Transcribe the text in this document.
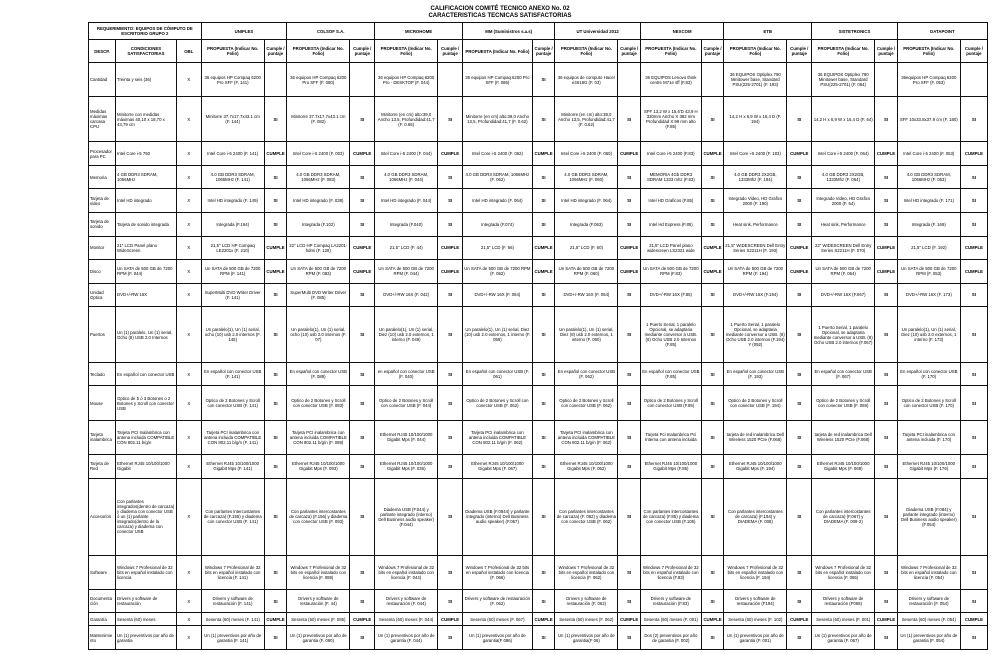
CALIFICACION COMITÉ TECNICO ANEXO No. 02
CARACTERISTICAS TECNICAS SATISFACTORIAS
REQUERIMIENTO: EQUIPOS DE CÓMPUTO DE ESCRITORIO GRUPO 2			UNIPLES		COLSOF S.A.		MICROHOME		MM (Suministros s.a.s)		UT Universidad 2012		NEXCOM		ETB		SISTETRONICS		DATAPOINT	
DESCP.	CONDICIONES SATISFACTORIAS	OBL	PROPUESTA (Indicar No. Folio)	Cumple / puntaje	PROPUESTA (Indicar No. Folio)	Cumple / puntaje	PROPUESTA (Indicar No. Folio)	Cumple / puntaje	PROPUESTA (Indicar No. Folio)	Cumple / puntaje	PROPUESTA (Indicar No. Folio)	Cumple / puntaje	PROPUESTA (Indicar No. Folio)	Cumple / puntaje	PROPUESTA (Indicar No. Folio)	Cumple / puntaje	PROPUESTA (Indicar No. Folio)	Cumple / puntaje	PROPUESTA (Indicar No. Folio)	Cumple / puntaje
Cantidad	Treinta y seis (36)	X	36 equipos HP Compaq 6200 Pro SFF (F. 141)		36 equipos HP Compaq 6200 Pro SFF (F. 080)		36 equipos HP Compaq 6200 Pro - DESKTOP (F. 044)		36 equipos HP Compaq 6200 Pro SFF (F. 086)	SI	36 equipos de computo Hacer e4618G (F. 03)		36 EQUIPOS Lenovo think centre M71e sff (F.83)		36 EQUIPOS Optiplex 790 Minitower base, Standard PSU(225-2701) (F. 193)		36 EQUIPOS Optiplex 790 Minitower base, Standard PSU(225-2701) (F. 064)		36equipos HP Compaq 6200 Pro SFF (F. 053)	
Medidas máximas carcasa CPU	Minitorre con medidas máximas 40,10 x 18,70 x 43,79 cm	X	Minitorre 37.7x17.7x43.1 cm (F. 144)	SI	Minitorre 37.7x17.7x43.1 cm (F. 082)	SI	Minitorre (en cm) alto:39,0 Ancho 13,5, Profundidad:41,7 (F. 0.65)	SI	Minitorre (en cm) alto:39,0 Ancho 13,5, Profundidad:41,7 (F. 0.62)	SI	Minitorre (en cm) alto:39,0 Ancho 13,5, Profundidad:41,7 (F. 0.62)	SI	SFF 13,2 W x 15,6'D 43,9 H 330mm Ancho X 382 mm Profundidad X 99 mm alto (F.85)	SI	14,2 H x 6,9 W x 16,4 D (F. 194)	SI	14,2 H x 6,9 W x 16,4 D (F. 64)	SI	SFF 10x33.8x37.9 cm (F. 180)	SI
Procesador para PC	Intel Core i-5 750	X	Intel Core i-5 2400 (F. 141)	CUMPLE	Intel Core i-5 2400 (F. 003)	CUMPLE	Intel Core i-5 2400 (F. 044)	CUMPLE	Intel Core i-5 2400 (F. 062)	CUMPLE	Intel Core i-5 2400 (F. 060)	CUMPLE	Intel Core i-5 2400 (F.83)	CUMPLE	Intel Core i-5 2400 (F. 183)	CUMPLE	Intel Core i-5 2400 (F. 064)	CUMPLE	Intel Core i-5 2400 (F. 053)	CUMPLE
Memoria	4 GB DDR3 SDRAM, 1066MHz	X	4.0 GB DDR3 SDRAM, 1066MHz (F. 141)	SI	4.0 GB DDR3 SDRAM, 1066MHz (F. 083)	SI	4.0 GB DDR3 SDRAM, 1066MHz (F. 044)	SI	4.0 GB DDR3 SDRAM, 1066MHz (F. 062)	SI	4.0 GB DDR3 SDRAM, 1066MHz (F. 060)	SI	MEMORIA 4Gb DDR3 SDRAM 1333 mhz (F.83)	SI	4.0 GB DDR3 2X2GB, 1333Mhz (F. 194)	SI	4.0 GB DDR3 2X2GB, 1333Mhz (F. 064)	SI	4.0 GB DDR3 SDRAM, 1066MHz (F. 053)	SI
Tarjeta de video	Intel HD integrado	X	Intel HD integrado (F. 149)	SI	Intel HD integrado (F. 038)	SI	Intel HD integrado (F. 044)	SI	Intel HD integrado (F. 064)	SI	Intel HD integrado (F. 064)	SI	Intel HD Graficos (F.85)	SI	Integrado Video, HD Grafics 2000 (F. 190)	SI	Integrado Video, HD Grafics 2000 (F. 64)	SI	Intel HD integrado (F. 171)	SI
Tarjeta de sonido	Tarjeta de sonido integrada	X	Integrada (F.164)	SI	Integrada (F.102)	SI	Integrada (F.040)	SI	Integrada (F.074)	SI	Integrada (F.063)	SI	Intel Hd Express (F.85)	SI	Heat sink, Performance	SI	Heat sink, Performance	SI	Integrada (F. 169)	SI
Monitor	21" LCD Panel plano WideScreen	X	21,5" LCD HP Compaq LE2201x (F. 210)	CUMPLE	22" LCD HP Compaq LA2201-hdmi (F. 128)	CUMPLE	21,5" LCD (F. 44)	CUMPLE	21,5" LCD (F. 56)	CUMPLE	21,5" LCD (F. 60)	CUMPLE	21,5" LCD Panel plano widescreen LS2321 wide	CUMPLE	21,5" WIDESCREEN Dell Entry Series S2211H (F. 193)	CUMPLE	22" WIDESCREEN Dell Entry Series S2211H (F. 070)	CUMPLE	21,5" LCD (F. 192)	CUMPLE
Disco	Un SATA de 500 GB de 7200 RPM (F. 044)	X	Un SATA de 500 GB de 7200 RPM (F. 141)	CUMPLE	Un SATA de 500 GB de 7200 RPM (F. 083)	CUMPLE	Un SATA de 500 GB de 7200 RPM (F. 044)	CUMPLE	Un SATA de 500 GB de 7200 RPM (F. 062)	CUMPLE	Un SATA de 500 GB de 7200 RPM (F. 060)	CUMPLE	Un SATA de 500 GB de 7200 RPM (F.83)	CUMPLE	Un SATA de 500 GB de 7200 RPM (F. 194)	CUMPLE	Un SATA de 500 GB de 7200 RPM (F. 064)	CUMPLE	Un SATA de 500 GB de 7200 RPM (F. 053)	CUMPLE
Unidad Optica	DVD+/-RW 16X	X	SuperMulti DVD Writer Driver (F. 141)	SI	SuperMulti DVD Writer Driver (F. 085)	SI	DVD+/-RW 16X (F. 042)	SI	DVD+/-RW 16X (F. 064)	SI	DVD+/-RW 16X (F. 064)	SI	DVD+/-RW 16X (F.85)	SI	DVD+/-RW 16X (F.194)	SI	DVD+/-RW 16X (F.067)	SI	DVD+/-RW 16X (F. 173)	SI
Puertos	Un (1) paralelo, Un (1) serial, Ocho (8) USB 2.0 Internos	X	Un paralelo(1), Un (1) serial, ocho (10) usb 2.0 internos (F. 145)	SI	Un paralelo(1), Un (1) serial, ocho (10) usb 2.0 internos (F. 07)	SI	Un paralelo(1), Un (1) serial, Diez (10) usb 2.0 externos, 1 interno (F. 049)	SI	Un paralelo(1), Un (1) serial, Diez (10) usb 2.0 externos, 1 interno (F. 059)	SI	Un paralelo(1), Un (1) serial, Diez (8) usb 2.0 externos, 1 interno (F. 060)	SI	1 Puerto Serial, 1 paralelo Opcional, se adaptaria mediante conversor a USB. (8) Ocho USB 2.0 Internos (F.85)	SI	1 Puerto Serial, 1 paralelo Opcional, se adaptaria mediante conversor a USB. (8) Ocho USB 2.0 internos (F.194) Y (092)	SI	1 Puerto Serial, 1 paralelo Opcional, se adaptaria mediante conversor a USB. (8) Ocho USB 2.0 internos (F.067)	SI	Un paralelo(1), Un (1) serial, Diez (10) usb 2.0 externos, 1 interno (F. 173)	SI
Teclado	En español con conector USB	X	En español con conector USB (F. 141)	SI	En español con conector USB (F. 089)	SI	en español con conector USB (F. 040)	SI	En español con conector USB (F. 061)	SI	En español con conector USB (F. 062)	SI	En español con conector USB (F.85)	SI	En español con conector USB (F. 193)	SI	En español con conector USB (F. 067)	SI	En español con conector USB (F. 170)	SI
Mouse	Optico de 5 ó 3 Botones o 2 Botones y Scroll con conector USB	X	Optico de 2 Botones y Scroll con conector USB (F. 141)	SI	Optico de 2 Botones y Scroll con conector USB (F. 083)	SI	Optico de 2 Botones y Scroll con conector USB (F. 044)	SI	Optico de 2 Botones y Scroll con conector USB (F. 062)	SI	Optico de 2 Botones y Scroll con conector USB (F. 062)	SI	Optico de 2 Botones y Scroll con conector USB (F.85)	SI	Optico de 2 Botones y Scroll con conector USB (F. 194)	SI	Optico de 2 Botones y Scroll con conector USB (F. 069)	SI	Optico de 2 Botones y Scroll con conector USB (F. 170)	SI
Tarjeta inalambrica	Tarjeta PCI Inalambrica con antena incluida COMPATIBLE CON 802.11 b/g/n	X	Tarjeta PCI inalambrica con antena incluida COMPATIBLE CON 802.11 b/g/n (F. 141)	SI	Tarjeta PCI inalambrica con antena incluida COMPATIBLE CON 802.11 b/g/n (F. 089)	SI	Ethernet RJ45 10/100/1000 Gigabit Mps (F. 044)	SI	Tarjeta PCI inalambrica con antena incluida COMPATIBLE CON 802.11 b/g/n (F. 062)	SI	Tarjeta PCI inalambrica con antena incluida COMPATIBLE CON 802.11 b/g/n (F. 062)	SI	Tarjeta Pci Inalambrica Pci Interna con antena incluida	SI	tarjeta de red inalambrica Dell Wireless 1520 PCIe (F.068)	SI	tarjeta de red inalambrica Dell Wireless 1520 PCIe (F.068)	SI	Tarjeta PCI inalambrica con antena incluida (F. 170)	SI
Tarjeta de Red	Ethernet RJ45 10/100/1000 Gigabit	X	Ethernet RJ45 10/100/1000 Gigabit Mps (F. 141)	SI	Ethernet RJ45 10/100/1000 Gigabit Mps (F. 093)	SI	Ethernet RJ45 10/100/1000 Gigabit Mps (F. 036)	SI	Ethernet RJ45 10/100/1000 Gigabit Mps (F. 067)	SI	Ethernet RJ45 10/100/1000 Gigabit Mps (F. 062)	SI	Ethernet RJ45 10/100/1000 Gigabit Mps (F.85)	SI	Ethernet RJ45 10/100/1000 Gigabit Mps (F. 194)	SI	Ethernet RJ45 10/100/1000 Gigabit Mps (F. 069)	SI	Ethernet RJ45 10/100/1000 Gigabit Mps (F. 176)	SI
Accesorios	Con parlantes integrados(dentro de carcaza) y diadema con conector USB ó un (1) parlante integrado(dentro de la carcaza) y diadema con conector USB	X	Con parlantes intercostantes de carcaza) (F.155) y diadema con conector USB (F. 141)	SI	Con parlantes intercostantes de carcaza) (F.156) y diadema con conector USB (F. 093)	SI	Diadema USB (F.044) y parlante integrado (interno) Dell Business audio speaker) (F.044)	SI	Diadema USB (F.0844) y parlante integrado (interno) Dell Business audio speaker) (F.067)	SI	Con parlantes intercostantes de carcaza) (F. 062) y diadema con conector USB (F. 062)	SI	Con parlantes intercostantes de carcaza) (F.85) y diadema con conector USB (F.105)	SI	Con parlantes intercostantes de carcaza) (F.194) y DIADEMA (F. 008)	SI	Con parlantes intercostantes de carcaza) (F.067) y DIADEMA (F. 008-2)	SI	Diadema USB (F.084) y parlante integrado (interno) Dell Business audio speaker) (F.054)	SI
Software	Windows 7 Profesional de 32 bits en español instalado con licencia	X	Windows 7 Profesional de 32 bits en español instalado con licencia (F. 141)	SI	Windows 7 Profesional de 32 bits en español instalado con licencia (F. 089)	SI	Windows 7 Profesional de 32 bits en español instalado con licencia (F. 044)	SI	Windows 7 Profesional de 32 bits en español instalado con licencia (F. 066)	SI	Windows 7 Profesional de 32 bits en español instalado con licencia (F. 062)	SI	Windows 7 Profesional de 32 bits en español instalado con licencia (F.83)	SI	Windows 7 Profesional de 32 bits en español instalado con licencia (F. 194)	SI	Windows 7 Profesional de 32 bits en español instalado con licencia (F. 065)	SI	Windows 7 Profesional de 32 bits en español instalado con licencia (F. 054)	SI
Documentación	Drivers y software de restauración	X	Drivers y software de restauración (F. 141)	SI	Drivers y software de restauración (F. 44)	SI	Drivers y software de restauración (F. 044)	SI	Drivers y software de restauración (F. 062)	SI	Drivers y software de restauración (F. 062)	SI	Drivers y software de restauración (F.83)	SI	Drivers y software de restauración (F194)	SI	Drivers y software de restauración (F068)	SI	Drivers y software de restauración (F. 054)	SI
Garantía	Sesenta (60) meses	X	Sesenta (60) meses (F. 141)	CUMPLE	Sesenta (60) meses (F. 085)	CUMPLE	Sesenta (60) meses (F. 044)	CUMPLE	Sesenta (60) meses (F. 067)	CUMPLE	Sesenta (60) meses (F. 062)	CUMPLE	Sesenta (60) meses (F. 001)	CUMPLE	Sesenta (60) meses (F. 102)	CUMPLE	Sesenta (60) meses (F. 001)	CUMPLE	Sesenta (60) meses (F. 054)	CUMPLE
Mantenimiento	Un (1) preventivos por año de garantia	X	Un (1) preventivos por año de garantia (F. 141)	SI	Un (1) preventivos por año de garantia (F. 090)	SI	Un (1) preventivos por año de garantia (F. 044)	SI	Un (1) preventivos por año de garantia(F 086)	SI	Un (1) preventivos por año de garantia(F 06)	SI	Dos (2) preventivos por año de garantia (F. 002)	SI	Un (1) preventivos por año de garantia (F. 001)	SI	Un (1) preventivos por año de garantia (F. 067)	SI	Un (1) preventivos por año de garantia (F. 054)	SI
